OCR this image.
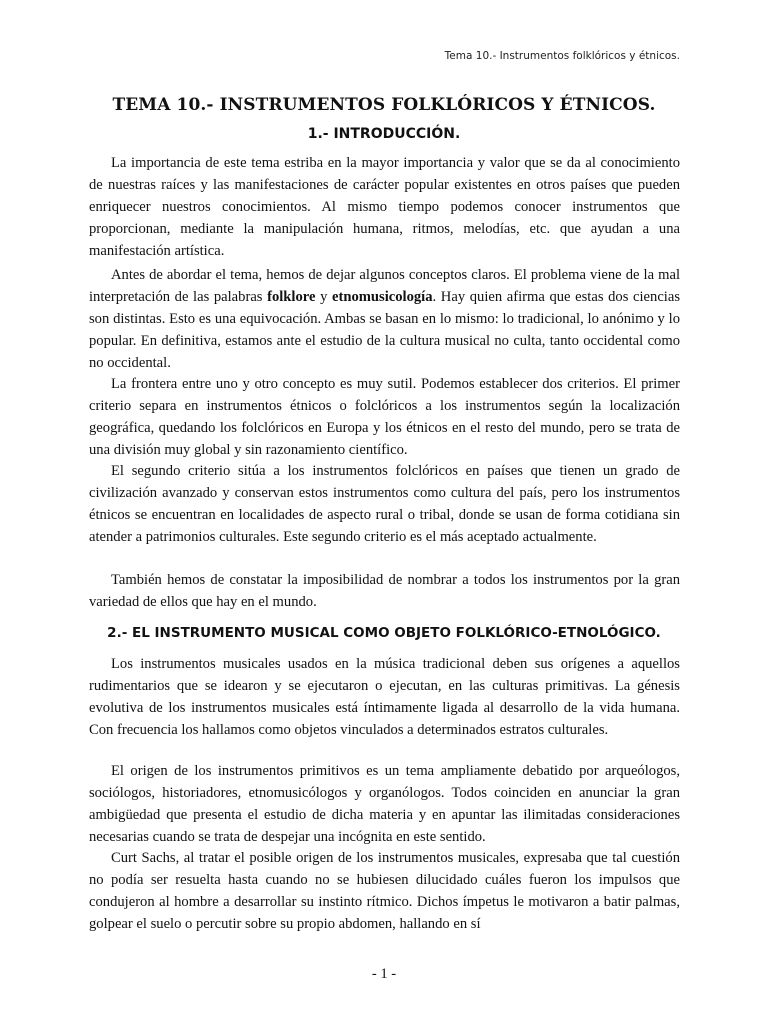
Tema 10.- Instrumentos folklóricos y étnicos.
TEMA 10.- INSTRUMENTOS FOLKLÓRICOS Y ÉTNICOS.
1.- INTRODUCCIÓN.

La importancia de este tema estriba en la mayor importancia y valor que se da al conocimiento de nuestras raíces y las manifestaciones de carácter popular existentes en otros países que pueden enriquecer nuestros conocimientos. Al mismo tiempo podemos conocer instrumentos que proporcionan, mediante la manipulación humana, ritmos, melodías, etc. que ayudan a una manifestación artística.

Antes de abordar el tema, hemos de dejar algunos conceptos claros. El problema viene de la mal interpretación de las palabras folklore y etnomusicología. Hay quien afirma que estas dos ciencias son distintas. Esto es una equivocación. Ambas se basan en lo mismo: lo tradicional, lo anónimo y lo popular. En definitiva, estamos ante el estudio de la cultura musical no culta, tanto occidental como no occidental.

La frontera entre uno y otro concepto es muy sutil. Podemos establecer dos criterios. El primer criterio separa en instrumentos étnicos o folclóricos a los instrumentos según la localización geográfica, quedando los folclóricos en Europa y los étnicos en el resto del mundo, pero se trata de una división muy global y sin razonamiento científico.

El segundo criterio sitúa a los instrumentos folclóricos en países que tienen un grado de civilización avanzado y conservan estos instrumentos como cultura del país, pero los instrumentos étnicos se encuentran en localidades de aspecto rural o tribal, donde se usan de forma cotidiana sin atender a patrimonios culturales. Este segundo criterio es el más aceptado actualmente.

También hemos de constatar la imposibilidad de nombrar a todos los instrumentos por la gran variedad de ellos que hay en el mundo.

2.- EL INSTRUMENTO MUSICAL COMO OBJETO FOLKLÓRICO-ETNOLÓGICO.

Los instrumentos musicales usados en la música tradicional deben sus orígenes a aquellos rudimentarios que se idearon y se ejecutaron o ejecutan, en las culturas primitivas. La génesis evolutiva de los instrumentos musicales está íntimamente ligada al desarrollo de la vida humana. Con frecuencia los hallamos como objetos vinculados a determinados estratos culturales.

El origen de los instrumentos primitivos es un tema ampliamente debatido por arqueólogos, sociólogos, historiadores, etnomusicólogos y organólogos. Todos coinciden en anunciar la gran ambigüedad que presenta el estudio de dicha materia y en apuntar las ilimitadas consideraciones necesarias cuando se trata de despejar una incógnita en este sentido.

Curt Sachs, al tratar el posible origen de los instrumentos musicales, expresaba que tal cuestión no podía ser resuelta hasta cuando no se hubiesen dilucidado cuáles fueron los impulsos que condujeron al hombre a desarrollar su instinto rítmico. Dichos ímpetus le motivaron a batir palmas, golpear el suelo o percutir sobre su propio abdomen, hallando en sí

- 1 -
